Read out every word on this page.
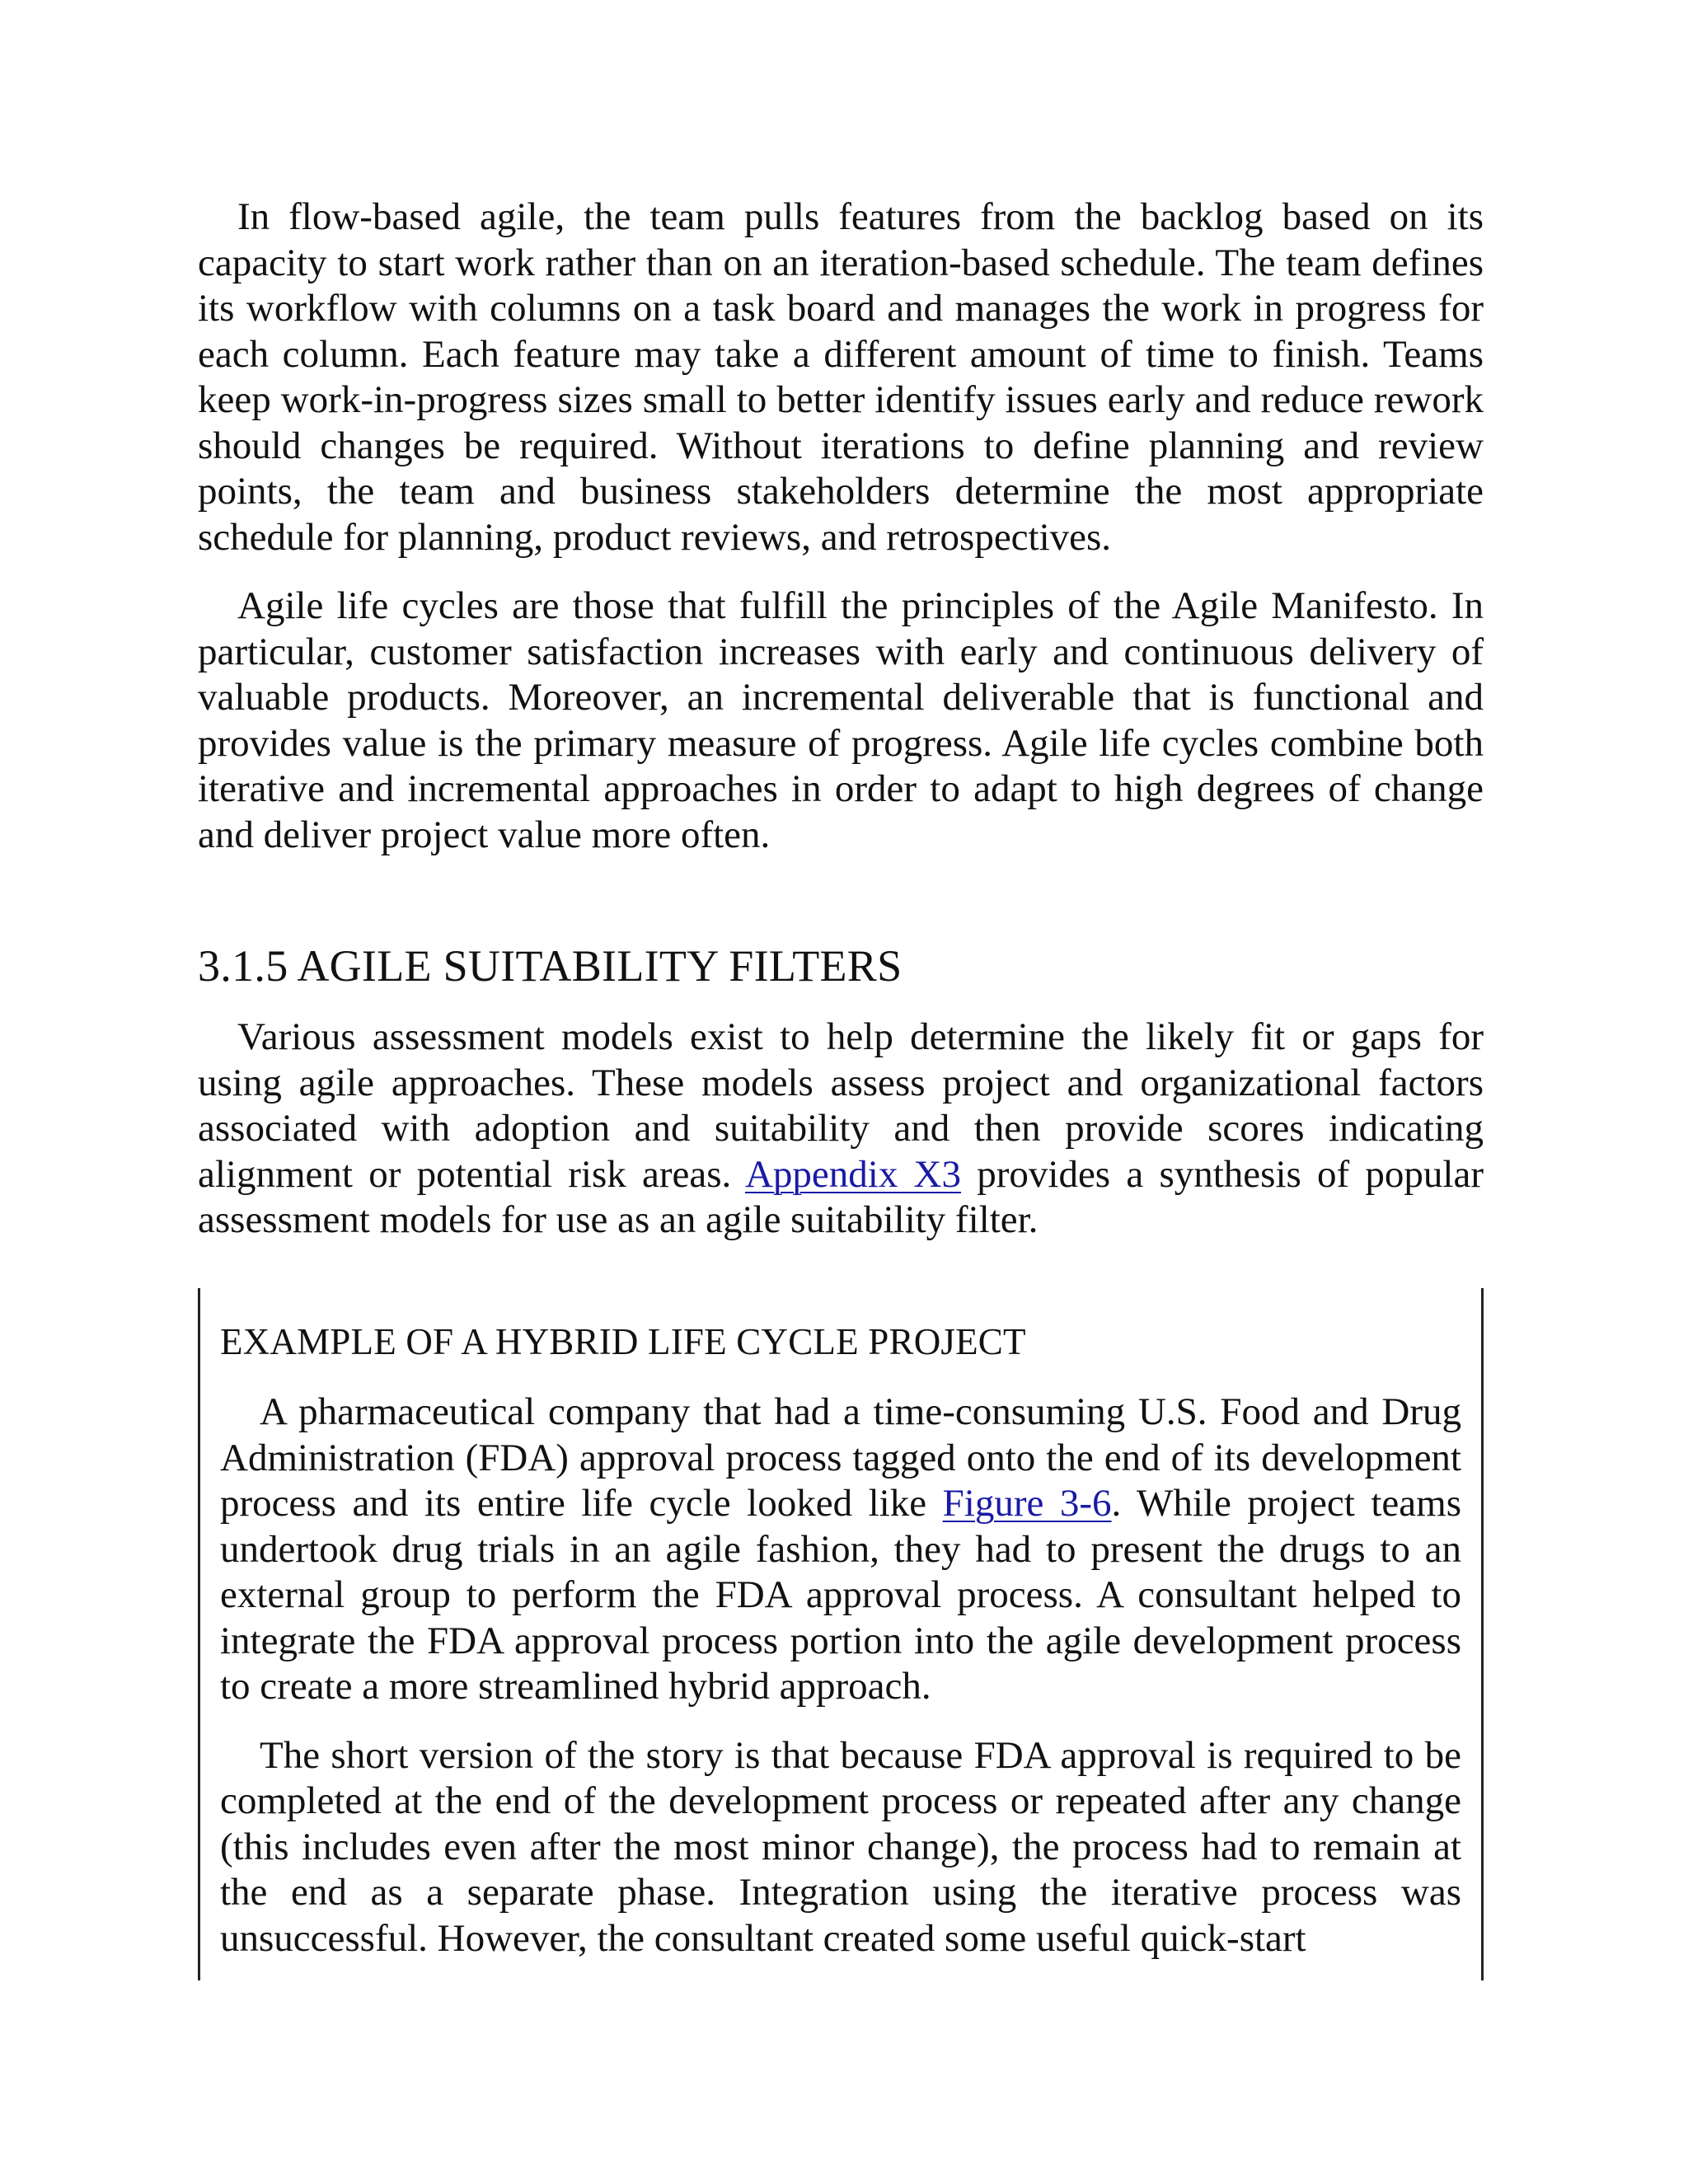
In flow-based agile, the team pulls features from the backlog based on its capacity to start work rather than on an iteration-based schedule. The team defines its workflow with columns on a task board and manages the work in progress for each column. Each feature may take a different amount of time to finish. Teams keep work-in-progress sizes small to better identify issues early and reduce rework should changes be required. Without iterations to define planning and review points, the team and business stakeholders determine the most appropriate schedule for planning, product reviews, and retrospectives.

Agile life cycles are those that fulfill the principles of the Agile Manifesto. In particular, customer satisfaction increases with early and continuous delivery of valuable products. Moreover, an incremental deliverable that is functional and provides value is the primary measure of progress. Agile life cycles combine both iterative and incremental approaches in order to adapt to high degrees of change and deliver project value more often.

3.1.5 AGILE SUITABILITY FILTERS

Various assessment models exist to help determine the likely fit or gaps for using agile approaches. These models assess project and organizational factors associated with adoption and suitability and then provide scores indicating alignment or potential risk areas. Appendix X3 provides a synthesis of popular assessment models for use as an agile suitability filter.

EXAMPLE OF A HYBRID LIFE CYCLE PROJECT

A pharmaceutical company that had a time-consuming U.S. Food and Drug Administration (FDA) approval process tagged onto the end of its development process and its entire life cycle looked like Figure 3-6. While project teams undertook drug trials in an agile fashion, they had to present the drugs to an external group to perform the FDA approval process. A consultant helped to integrate the FDA approval process portion into the agile development process to create a more streamlined hybrid approach.

The short version of the story is that because FDA approval is required to be completed at the end of the development process or repeated after any change (this includes even after the most minor change), the process had to remain at the end as a separate phase. Integration using the iterative process was unsuccessful. However, the consultant created some useful quick-start
